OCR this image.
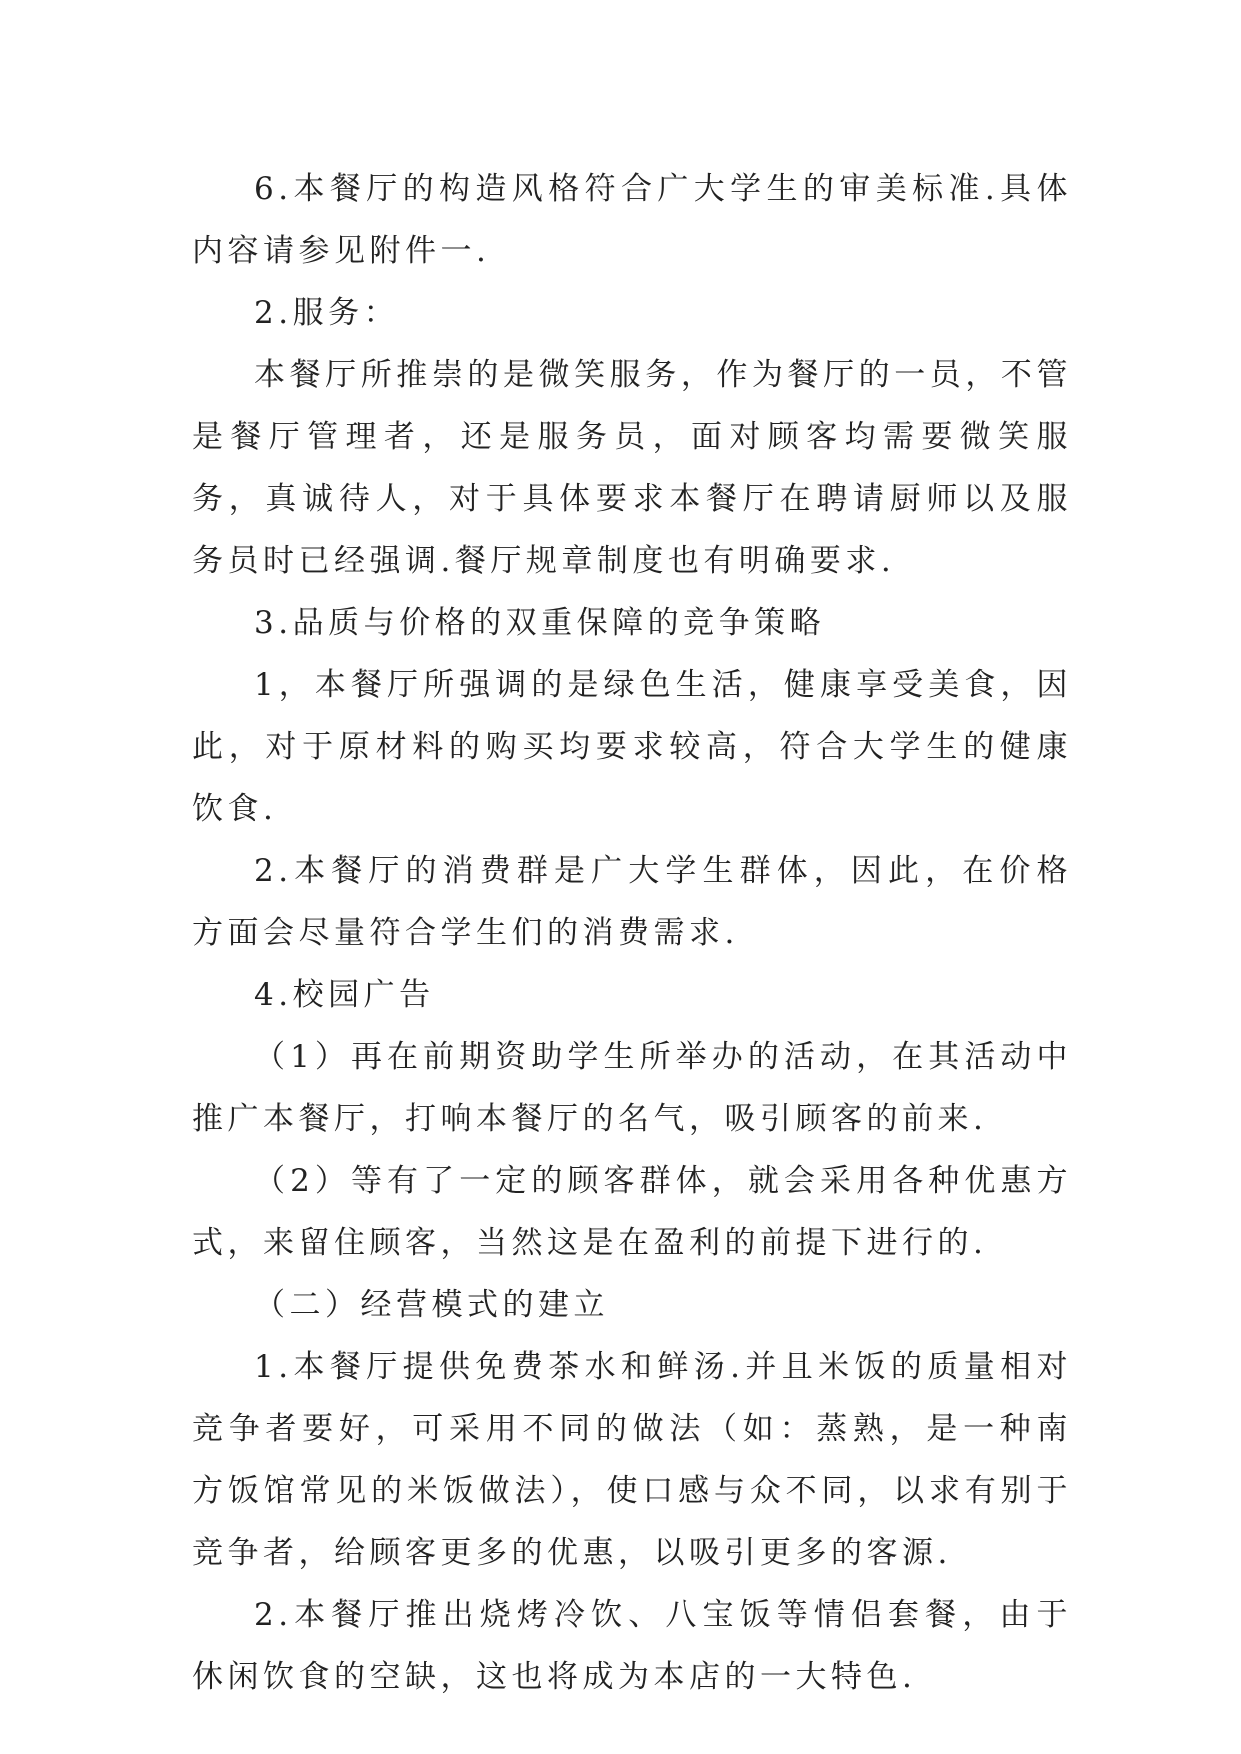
6.本餐厅的构造风格符合广大学生的审美标准.具体内容请参见附件一.

2.服务：

本餐厅所推崇的是微笑服务，作为餐厅的一员，不管是餐厅管理者，还是服务员，面对顾客均需要微笑服务，真诚待人，对于具体要求本餐厅在聘请厨师以及服务员时已经强调.餐厅规章制度也有明确要求.

3.品质与价格的双重保障的竞争策略

1，本餐厅所强调的是绿色生活，健康享受美食，因此，对于原材料的购买均要求较高，符合大学生的健康饮食.

2.本餐厅的消费群是广大学生群体，因此，在价格方面会尽量符合学生们的消费需求.

4.校园广告

（1）再在前期资助学生所举办的活动，在其活动中推广本餐厅，打响本餐厅的名气，吸引顾客的前来.

（2）等有了一定的顾客群体，就会采用各种优惠方式，来留住顾客，当然这是在盈利的前提下进行的.

（二）经营模式的建立

1.本餐厅提供免费茶水和鲜汤.并且米饭的质量相对竞争者要好，可采用不同的做法（如：蒸熟，是一种南方饭馆常见的米饭做法），使口感与众不同，以求有别于竞争者，给顾客更多的优惠，以吸引更多的客源.

2.本餐厅推出烧烤冷饮、八宝饭等情侣套餐，由于休闲饮食的空缺，这也将成为本店的一大特色.
